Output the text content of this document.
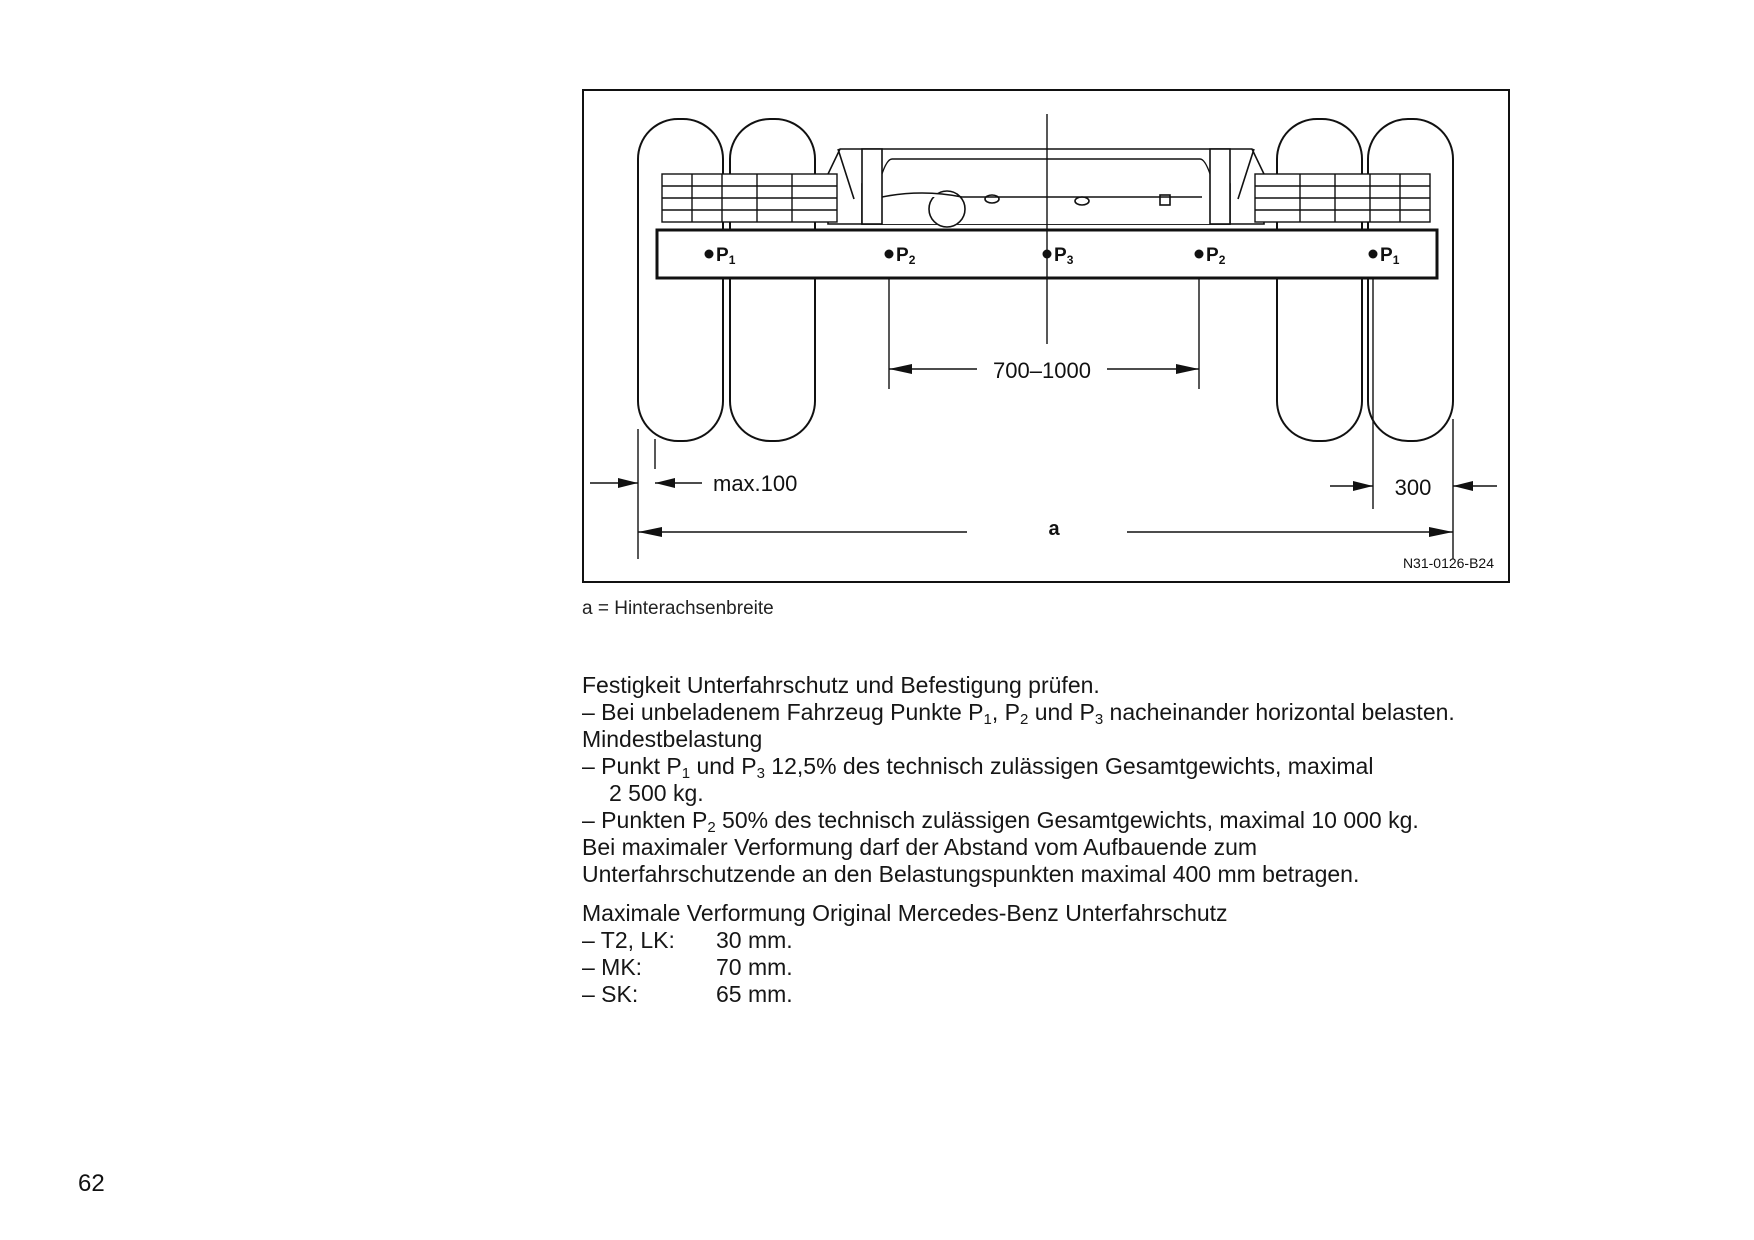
P1	P2	P3	P2	P1
700–1000
max.100	300
a
N31-0126-B24
a = Hinterachsenbreite

Festigkeit Unterfahrschutz und Befestigung prüfen.

– Bei unbeladenem Fahrzeug Punkte $P_1$, $P_2$ und $P_3$ nacheinander horizontal belasten.

Mindestbelastung

– Punkt $P_1$ und $P_3$ 12,5% des technisch zulässigen Gesamtgewichts, maximal

2 500 kg.

– Punkten $P_2$ 50% des technisch zulässigen Gesamtgewichts, maximal 10 000 kg.

Bei maximaler Verformung darf der Abstand vom Aufbauende zum

Unterfahrschutzende an den Belastungspunkten maximal 400 mm betragen.

Maximale Verformung Original Mercedes-Benz Unterfahrschutz

– T2, LK:	30 mm.
– MK:	70 mm.
– SK:	65 mm.
62
